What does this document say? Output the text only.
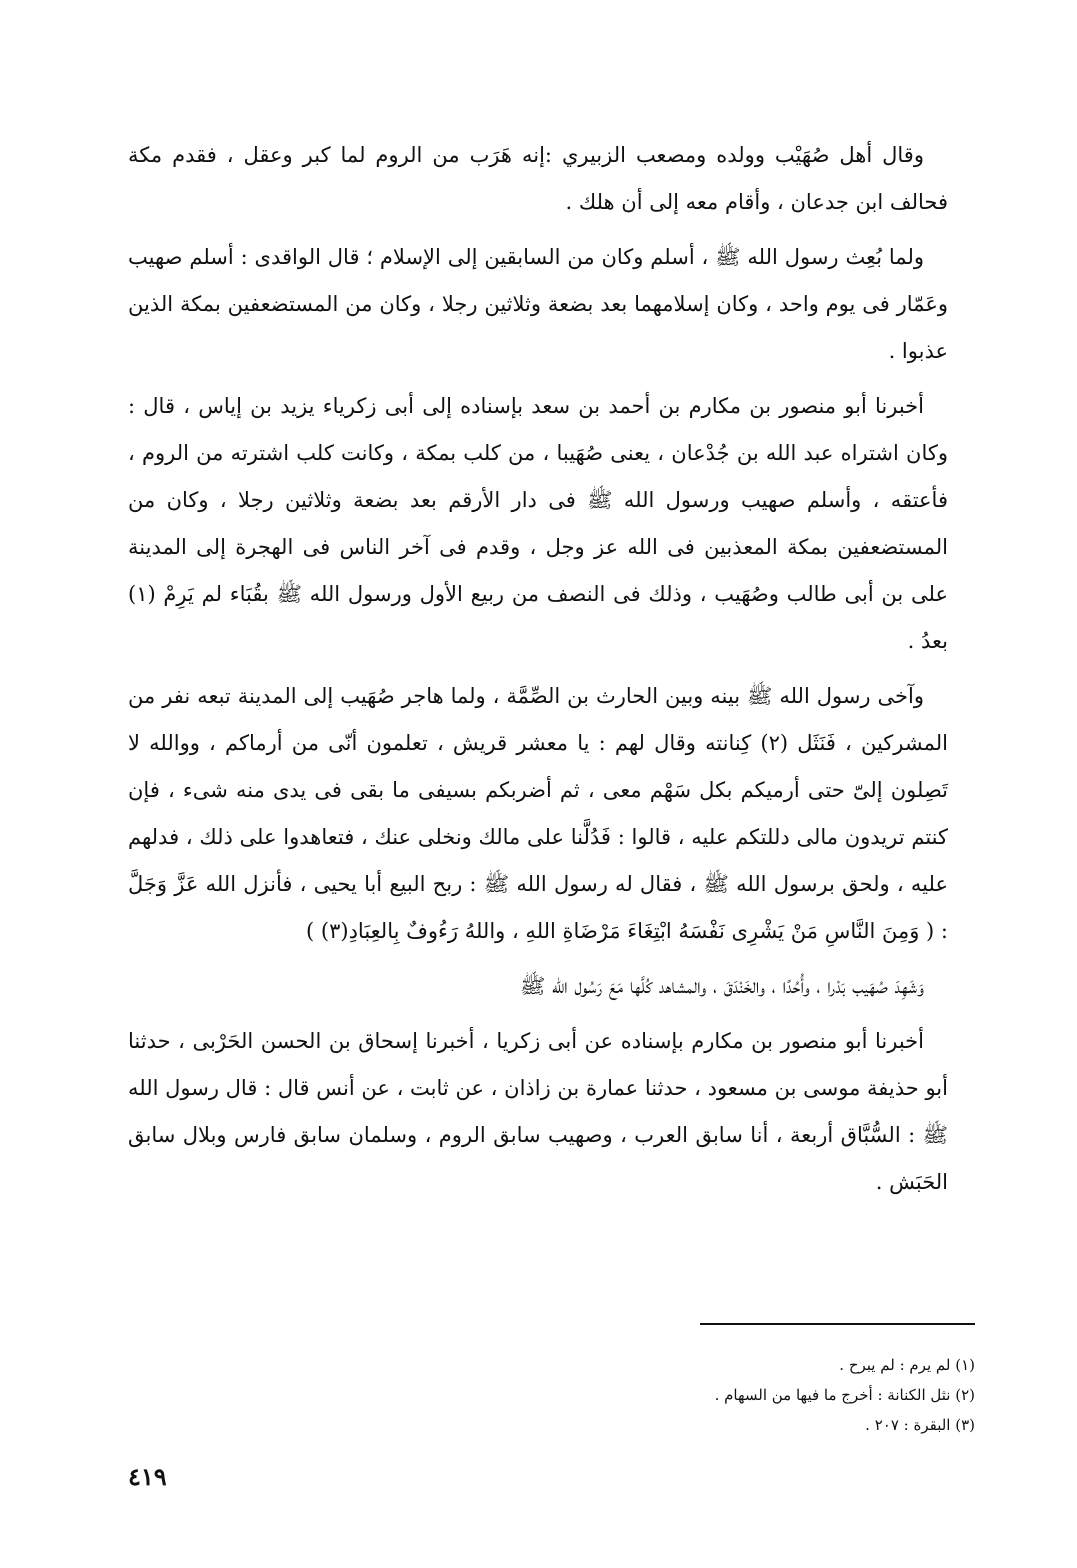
وقال أهل صُهَيْب وولده ومصعب الزبيري :إنه هَرَب من الروم لما كبر وعقل ، فقدم مكة فحالف ابن جدعان ، وأقام معه إلى أن هلك .

ولما بُعِث رسول الله ﷺ ، أسلم وكان من السابقين إلى الإسلام ؛ قال الواقدى : أسلم صهيب وعَمّار فى يوم واحد ، وكان إسلامهما بعد بضعة وثلاثين رجلا ، وكان من المستضعفين بمكة الذين عذبوا .

أخبرنا أبو منصور بن مكارم بن أحمد بن سعد بإسناده إلى أبى زكرياء يزيد بن إياس ، قال : وكان اشتراه عبد الله بن جُدْعان ، يعنى صُهَيبا ، من كلب بمكة ، وكانت كلب اشترته من الروم ، فأعتقه ، وأسلم صهيب ورسول الله ﷺ فى دار الأرقم بعد بضعة وثلاثين رجلا ، وكان من المستضعفين بمكة المعذبين فى الله عز وجل ، وقدم فى آخر الناس فى الهجرة إلى المدينة على بن أبى طالب وصُهَيب ، وذلك فى النصف من ربيع الأول ورسول الله ﷺ بقُبَاء لم يَرِمْ (١) بعدُ .

وآخى رسول الله ﷺ بينه وبين الحارث بن الصِّمَّة ، ولما هاجر صُهَيب إلى المدينة تبعه نفر من المشركين ، فَنَثَل (٢) كِنانته وقال لهم : يا معشر قريش ، تعلمون أنّى من أرماكم ، ووالله لا تَصِلون إلىّ حتى أرميكم بكل سَهْم معى ، ثم أضربكم بسيفى ما بقى فى يدى منه شىء ، فإن كنتم تريدون مالى دللتكم عليه ، قالوا : فَدُلَّنا على مالك ونخلى عنك ، فتعاهدوا على ذلك ، فدلهم عليه ، ولحق برسول الله ﷺ ، فقال له رسول الله ﷺ : ربح البيع أبا يحيى ، فأنزل الله عَزَّ وَجَلَّ : ( وَمِنَ النَّاسِ مَنْ يَشْرِى نَفْسَهُ ابْتِغَاءَ مَرْضَاةِ اللهِ ، واللهُ رَءُوفٌ بِالعِبَادِ(٣) )

وَشَهِدَ صُهَيب بَدْرا ، وأُحُدًا ، والخَنْدَقَ ، والمشاهد كُلَّها مَعَ رَسُول الله ﷺ

أخبرنا أبو منصور بن مكارم بإسناده عن أبى زكريا ، أخبرنا إسحاق بن الحسن الحَرْبى ، حدثنا أبو حذيفة موسى بن مسعود ، حدثنا عمارة بن زاذان ، عن ثابت ، عن أنس قال : قال رسول الله ﷺ : السُّبَّاق أربعة ، أنا سابق العرب ، وصهيب سابق الروم ، وسلمان سابق فارس وبلال سابق الحَبَش .

(١) لم يرم : لم يبرح .
(٢) نثل الكنانة : أخرج ما فيها من السهام .
(٣) البقرة : ٢٠٧ .
٤١٩
